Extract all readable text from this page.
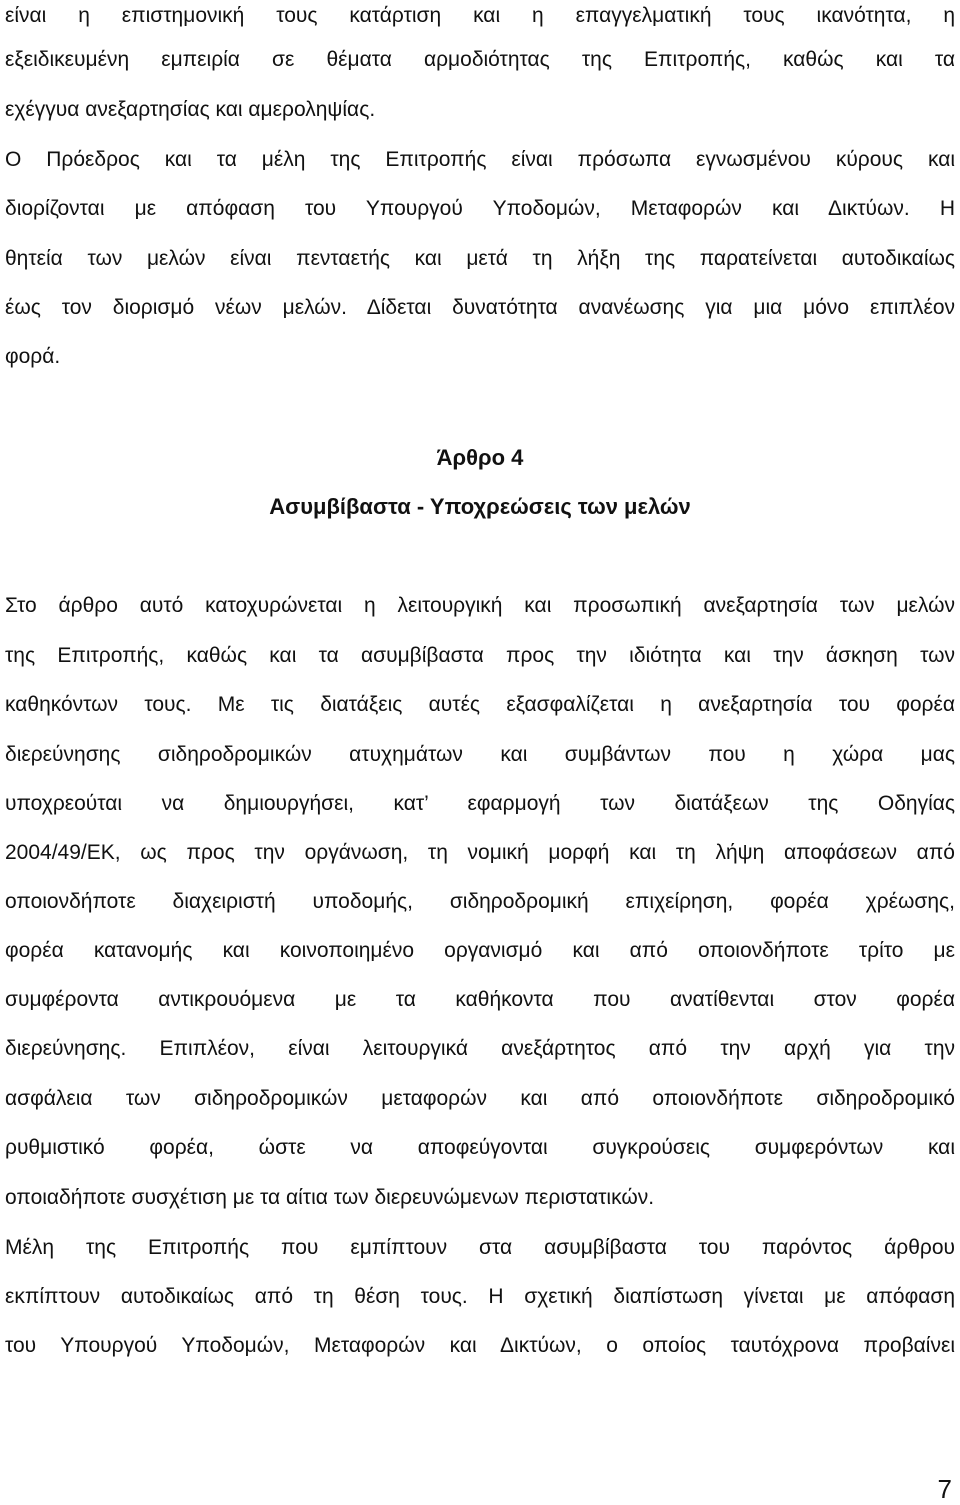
είναι η επιστημονική τους κατάρτιση και η επαγγελματική τους ικανότητα, η
εξειδικευμένη εμπειρία σε θέματα αρμοδιότητας της Επιτροπής, καθώς και τα
εχέγγυα ανεξαρτησίας και αμεροληψίας.
Ο Πρόεδρος και τα μέλη της Επιτροπής είναι πρόσωπα εγνωσμένου κύρους και
διορίζονται με απόφαση του Υπουργού Υποδομών, Μεταφορών και Δικτύων. Η
θητεία των μελών είναι πενταετής και μετά τη λήξη της παρατείνεται αυτοδικαίως
έως τον διορισμό νέων μελών. Δίδεται δυνατότητα ανανέωσης για μια μόνο επιπλέον
φορά.
Άρθρο 4
Ασυμβίβαστα - Υποχρεώσεις των μελών
Στο άρθρο αυτό κατοχυρώνεται η λειτουργική και προσωπική ανεξαρτησία των μελών
της Επιτροπής, καθώς και τα ασυμβίβαστα προς την ιδιότητα και την άσκηση των
καθηκόντων τους. Με τις διατάξεις αυτές εξασφαλίζεται η ανεξαρτησία του φορέα
διερεύνησης σιδηροδρομικών ατυχημάτων και συμβάντων που η χώρα μας
υποχρεούται να δημιουργήσει, κατ’ εφαρμογή των διατάξεων της Οδηγίας
2004/49/ΕΚ, ως προς την οργάνωση, τη νομική μορφή και τη λήψη αποφάσεων από
οποιονδήποτε διαχειριστή υποδομής, σιδηροδρομική επιχείρηση, φορέα χρέωσης,
φορέα κατανομής και κοινοποιημένο οργανισμό και από οποιονδήποτε τρίτο με
συμφέροντα αντικρουόμενα με τα καθήκοντα που ανατίθενται στον φορέα
διερεύνησης. Επιπλέον, είναι λειτουργικά ανεξάρτητος από την αρχή για την
ασφάλεια των σιδηροδρομικών μεταφορών και από οποιονδήποτε σιδηροδρομικό
ρυθμιστικό φορέα, ώστε να αποφεύγονται συγκρούσεις συμφερόντων και
οποιαδήποτε συσχέτιση με τα αίτια των διερευνώμενων περιστατικών.
Μέλη της Επιτροπής που εμπίπτουν στα ασυμβίβαστα του παρόντος άρθρου
εκπίπτουν αυτοδικαίως από τη θέση τους. Η σχετική διαπίστωση γίνεται με απόφαση
του Υπουργού Υποδομών, Μεταφορών και Δικτύων, ο οποίος ταυτόχρονα προβαίνει
7
